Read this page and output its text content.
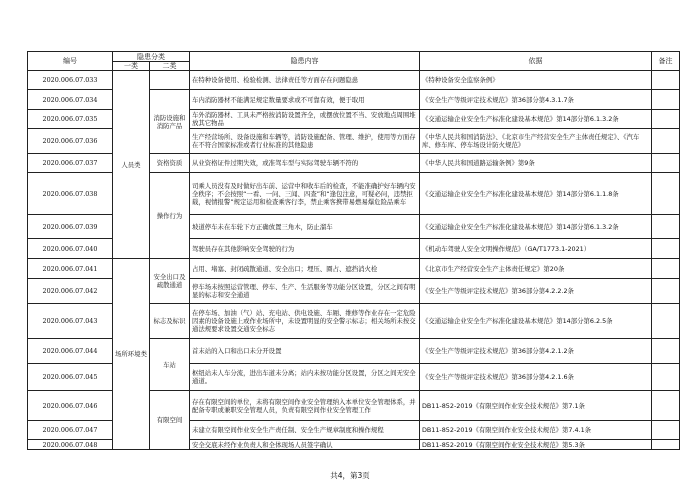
编号	隐患分类		隐患内容	依据	备注
	一类	二类			
2020.006.07.033	人员类		在特种设备使用、检验检测、法律责任等方面存在问题隐患	《特种设备安全监察条例》	
2020.006.07.034		消防设施和消防产品	车内消防器材不能满足规定数量要求或不可靠有效，便于取用	《安全生产等级评定技术规范》第36部分第4.3.1.7条	
2020.006.07.035			车外消防器材、工具未严格按消防设置齐全，或摆放位置不当、安放地点周围堆放其它物品	《交通运输企业安全生产标准化建设基本规范》第14部分第6.1.3.2条	
2020.006.07.036			生产经营场所、设备设施和车辆等，消防设施配备、管理、维护，使用等方面存在不符合国家标准或者行业标准的其他隐患	《中华人民共和国消防法》、《北京市生产经营安全生产主体责任规定》、《汽车库、修车库、停车场设计防火规范》	
2020.006.07.037		资格资质	从业资格证件过期失效，或准驾车型与实际驾驶车辆不符的	《中华人民共和国道路运输条例》第9条	
2020.006.07.038		操作行为	司乘人员没有及时做好出车前、运营中和收车后的检查，不能准确护好车辆内安全秩序；不会按照“一看、一问、三闻、四查”和“逢包注意，可疑必问，违禁拒载，视情报警”规定运用和检查乘客行李，禁止乘客携带易燃易爆危险品乘车	《交通运输企业安全生产标准化建设基本规范》第14部分第6.1.1.8条	
2020.006.07.039			坡道停车未在车轮下方正确放置三角木，防止溜车	《交通运输企业安全生产标准化建设基本规范》第14部分第6.1.3.2条	
2020.006.07.040			驾驶员存在其他影响安全驾驶的行为	《机动车驾驶人安全文明操作规范》（GA/T1773.1-2021）	
2020.006.07.041	场所环境类	安全出口及疏散通道	占用、堵塞、封闭疏散通道、安全出口；埋压、圈占、遮挡消火栓	《北京市生产经营安全生产主体责任规定》第20条	
2020.006.07.042			停车场未按照运营管理、停车、生产、生活服务等功能分区设置，分区之间有明显的标志和安全通道	《安全生产等级评定技术规范》第36部分第4.2.2.2条	
2020.006.07.043		标志及标识	在停车场、加油（气）站、充电站、供电设施、车厢、维修等作业存在一定危险因素的设备设施上或作业场所中，未设置明显的安全警示标志；相关场所未按交通法规要求设置交通安全标志	《交通运输企业安全生产标准化建设基本规范》第14部分第6.2.5条	
2020.006.07.044		车站	首末站的入口和出口未分开设置	《安全生产等级评定技术规范》第36部分第4.2.1.2条	
2020.006.07.045			枢纽站未人车分流，进出车道未分离；站内未按功能分区设置，分区之间无安全通道。	《安全生产等级评定技术规范》第36部分第4.2.1.6条	
2020.006.07.046		有限空间	存在有限空间的单位，未将有限空间作业安全管理纳入本单位安全管理体系，并配备专职或兼职安全管理人员，负责有限空间作业安全管理工作	DB11-852-2019《有限空间作业安全技术规范》第7.1条	
2020.006.07.047			未建立有限空间作业安全生产责任制、安全生产规章制度和操作规程	DB11-852-2019《有限空间作业安全技术规范》第7.4.1条	
2020.006.07.048			安全交底未经作业负责人和全体现场人员签字确认	DB11-852-2019《有限空间作业安全技术规范》第5.3条	
共4，第3页
